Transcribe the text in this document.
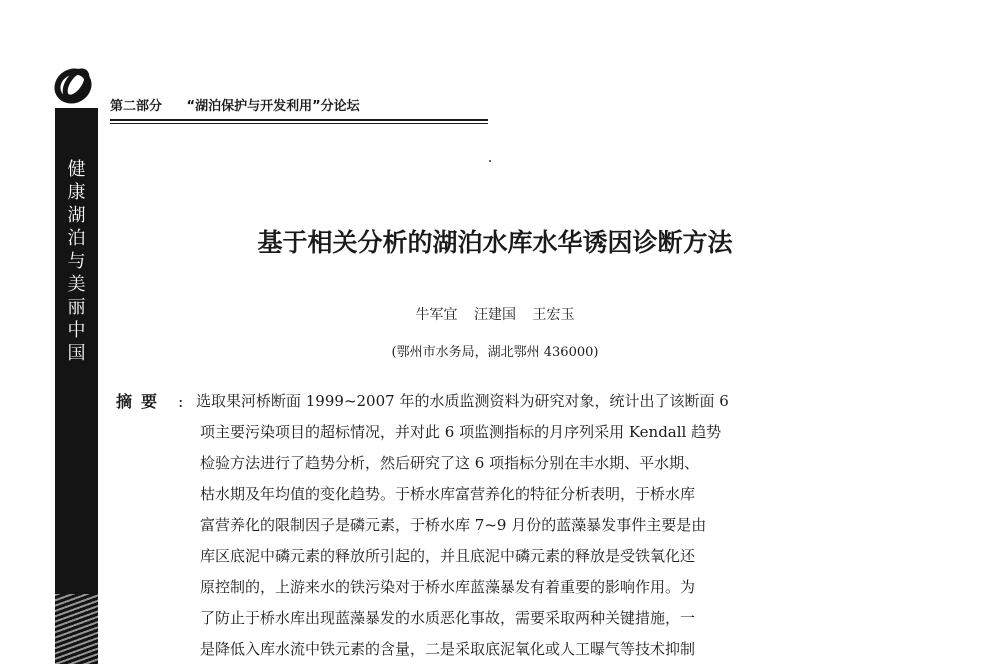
第二部分 “湖泊保护与开发利用”分论坛
健
康
湖
泊
与
美
丽
中
国
基于相关分析的湖泊水库水华诱因诊断方法
牛军宜 汪建国 王宏玉
(鄂州市水务局，湖北鄂州 436000)
摘要 : 选取果河桥断面 1999~2007 年的水质监测资料为研究对象，统计出了该断面 6
项主要污染项目的超标情况，并对此 6 项监测指标的月序列采用 Kendall 趋势
检验方法进行了趋势分析，然后研究了这 6 项指标分别在丰水期、平水期、
枯水期及年均值的变化趋势。于桥水库富营养化的特征分析表明，于桥水库
富营养化的限制因子是磷元素，于桥水库 7~9 月份的蓝藻暴发事件主要是由
库区底泥中磷元素的释放所引起的，并且底泥中磷元素的释放是受铁氧化还
原控制的，上游来水的铁污染对于桥水库蓝藻暴发有着重要的影响作用。为
了防止于桥水库出现蓝藻暴发的水质恶化事故，需要采取两种关键措施，一
是降低入库水流中铁元素的含量，二是采取底泥氧化或人工曝气等技术抑制
